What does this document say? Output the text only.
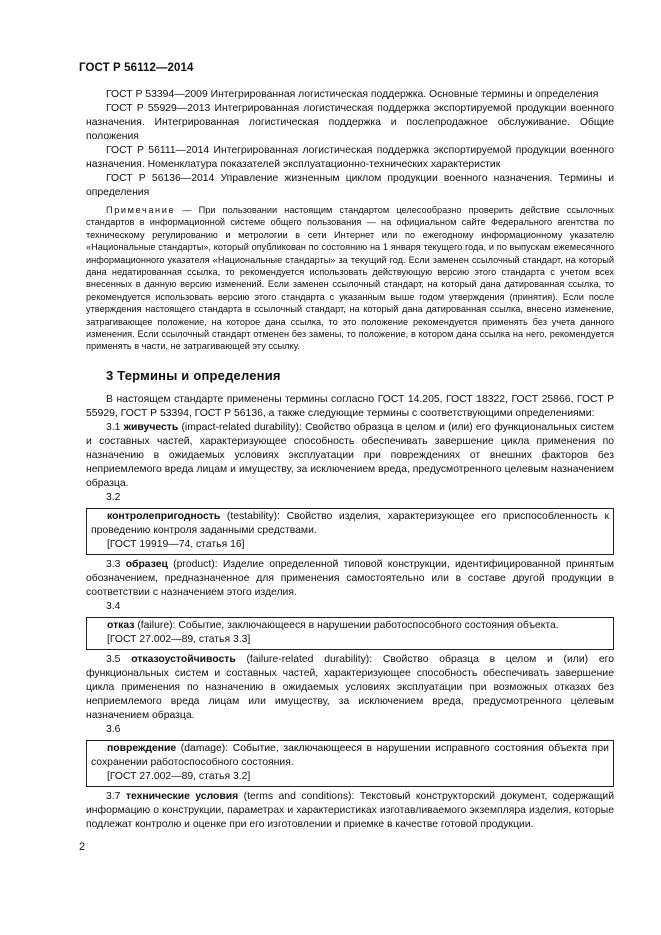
ГОСТ Р 56112—2014

ГОСТ Р 53394—2009 Интегрированная логистическая поддержка. Основные термины и определения

ГОСТ Р 55929—2013 Интегрированная логистическая поддержка экспортируемой продукции военного назначения. Интегрированная логистическая поддержка и послепродажное обслуживание. Общие положения

ГОСТ Р 56111—2014 Интегрированная логистическая поддержка экспортируемой продукции военного назначения. Номенклатура показателей эксплуатационно-технических характеристик

ГОСТ Р 56136—2014 Управление жизненным циклом продукции военного назначения. Термины и определения

Примечание — При пользовании настоящим стандартом целесообразно проверить действие ссылочных стандартов в информационной системе общего пользования — на официальном сайте Федерального агентства по техническому регулированию и метрологии в сети Интернет или по ежегодному информационному указателю «Национальные стандарты», который опубликован по состоянию на 1 января текущего года, и по выпускам ежемесячного информационного указателя «Национальные стандарты» за текущий год. Если заменен ссылочный стандарт, на который дана недатированная ссылка, то рекомендуется использовать действующую версию этого стандарта с учетом всех внесенных в данную версию изменений. Если заменен ссылочный стандарт, на который дана датированная ссылка, то рекомендуется использовать версию этого стандарта с указанным выше годом утверждения (принятия). Если после утверждения настоящего стандарта в ссылочный стандарт, на который дана датированная ссылка, внесено изменение, затрагивающее положение, на которое дана ссылка, то это положение рекомендуется применять без учета данного изменения. Если ссылочный стандарт отменен без замены, то положение, в котором дана ссылка на него, рекомендуется применять в части, не затрагивающей эту ссылку.

3 Термины и определения

В настоящем стандарте применены термины согласно ГОСТ 14.205, ГОСТ 18322, ГОСТ 25866, ГОСТ Р 55929, ГОСТ Р 53394, ГОСТ Р 56136, а также следующие термины с соответствующими определениями:

3.1 живучесть (impact-related durability): Свойство образца в целом и (или) его функциональных систем и составных частей, характеризующее способность обеспечивать завершение цикла применения по назначению в ожидаемых условиях эксплуатации при повреждениях от внешних факторов без неприемлемого вреда лицам и имуществу, за исключением вреда, предусмотренного целевым назначением образца.

3.2

контролепригодность (testability): Свойство изделия, характеризующее его приспособленность к проведению контроля заданными средствами.

[ГОСТ 19919—74, статья 16]

3.3 образец (product): Изделие определенной типовой конструкции, идентифицированной принятым обозначением, предназначенное для применения самостоятельно или в составе другой продукции в соответствии с назначением этого изделия.

3.4

отказ (failure): Событие, заключающееся в нарушении работоспособного состояния объекта.

[ГОСТ 27.002—89, статья 3.3]

3.5 отказоустойчивость (failure-related durability): Свойство образца в целом и (или) его функциональных систем и составных частей, характеризующее способность обеспечивать завершение цикла применения по назначению в ожидаемых условиях эксплуатации при возможных отказах без неприемлемого вреда лицам или имуществу, за исключением вреда, предусмотренного целевым назначением образца.

3.6

повреждение (damage): Событие, заключающееся в нарушении исправного состояния объекта при сохранении работоспособного состояния.

[ГОСТ 27.002—89, статья 3.2]

3.7 технические условия (terms and conditions): Текстовый конструкторский документ, содержащий информацию о конструкции, параметрах и характеристиках изготавливаемого экземпляра изделия, которые подлежат контролю и оценке при его изготовлении и приемке в качестве готовой продукции.

2
